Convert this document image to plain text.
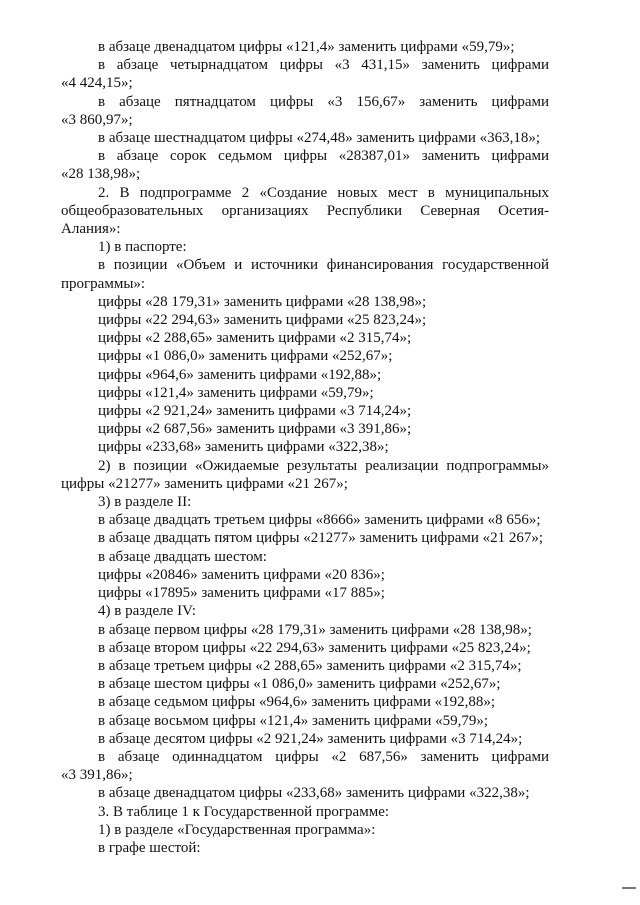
в абзаце двенадцатом цифры «121,4» заменить цифрами «59,79»;
в абзаце четырнадцатом цифры «3 431,15» заменить цифрами
«4 424,15»;
в абзаце пятнадцатом цифры «3 156,67» заменить цифрами
«3 860,97»;
в абзаце шестнадцатом цифры «274,48» заменить цифрами «363,18»;
в абзаце сорок седьмом цифры «28387,01» заменить цифрами
«28 138,98»;
2. В подпрограмме 2 «Создание новых мест в муниципальных
общеобразовательных организациях Республики Северная Осетия-
Алания»:
1) в паспорте:
в позиции «Объем и источники финансирования государственной
программы»:
цифры «28 179,31» заменить цифрами «28 138,98»;
цифры «22 294,63» заменить цифрами «25 823,24»;
цифры «2 288,65» заменить цифрами «2 315,74»;
цифры «1 086,0» заменить цифрами «252,67»;
цифры «964,6» заменить цифрами «192,88»;
цифры «121,4» заменить цифрами «59,79»;
цифры «2 921,24» заменить цифрами «3 714,24»;
цифры «2 687,56» заменить цифрами «3 391,86»;
цифры «233,68» заменить цифрами «322,38»;
2) в позиции «Ожидаемые результаты реализации подпрограммы»
цифры «21277» заменить цифрами «21 267»;
3) в разделе II:
в абзаце двадцать третьем цифры «8666» заменить цифрами «8 656»;
в абзаце двадцать пятом цифры «21277» заменить цифрами «21 267»;
в абзаце двадцать шестом:
цифры «20846» заменить цифрами «20 836»;
цифры «17895» заменить цифрами «17 885»;
4) в разделе IV:
в абзаце первом цифры «28 179,31» заменить цифрами «28 138,98»;
в абзаце втором цифры «22 294,63» заменить цифрами «25 823,24»;
в абзаце третьем цифры «2 288,65» заменить цифрами «2 315,74»;
в абзаце шестом цифры «1 086,0» заменить цифрами «252,67»;
в абзаце седьмом цифры «964,6» заменить цифрами «192,88»;
в абзаце восьмом цифры «121,4» заменить цифрами «59,79»;
в абзаце десятом цифры «2 921,24» заменить цифрами «3 714,24»;
в абзаце одиннадцатом цифры «2 687,56» заменить цифрами
«3 391,86»;
в абзаце двенадцатом цифры «233,68» заменить цифрами «322,38»;
3. В таблице 1 к Государственной программе:
1) в разделе «Государственная программа»:
в графе шестой:
